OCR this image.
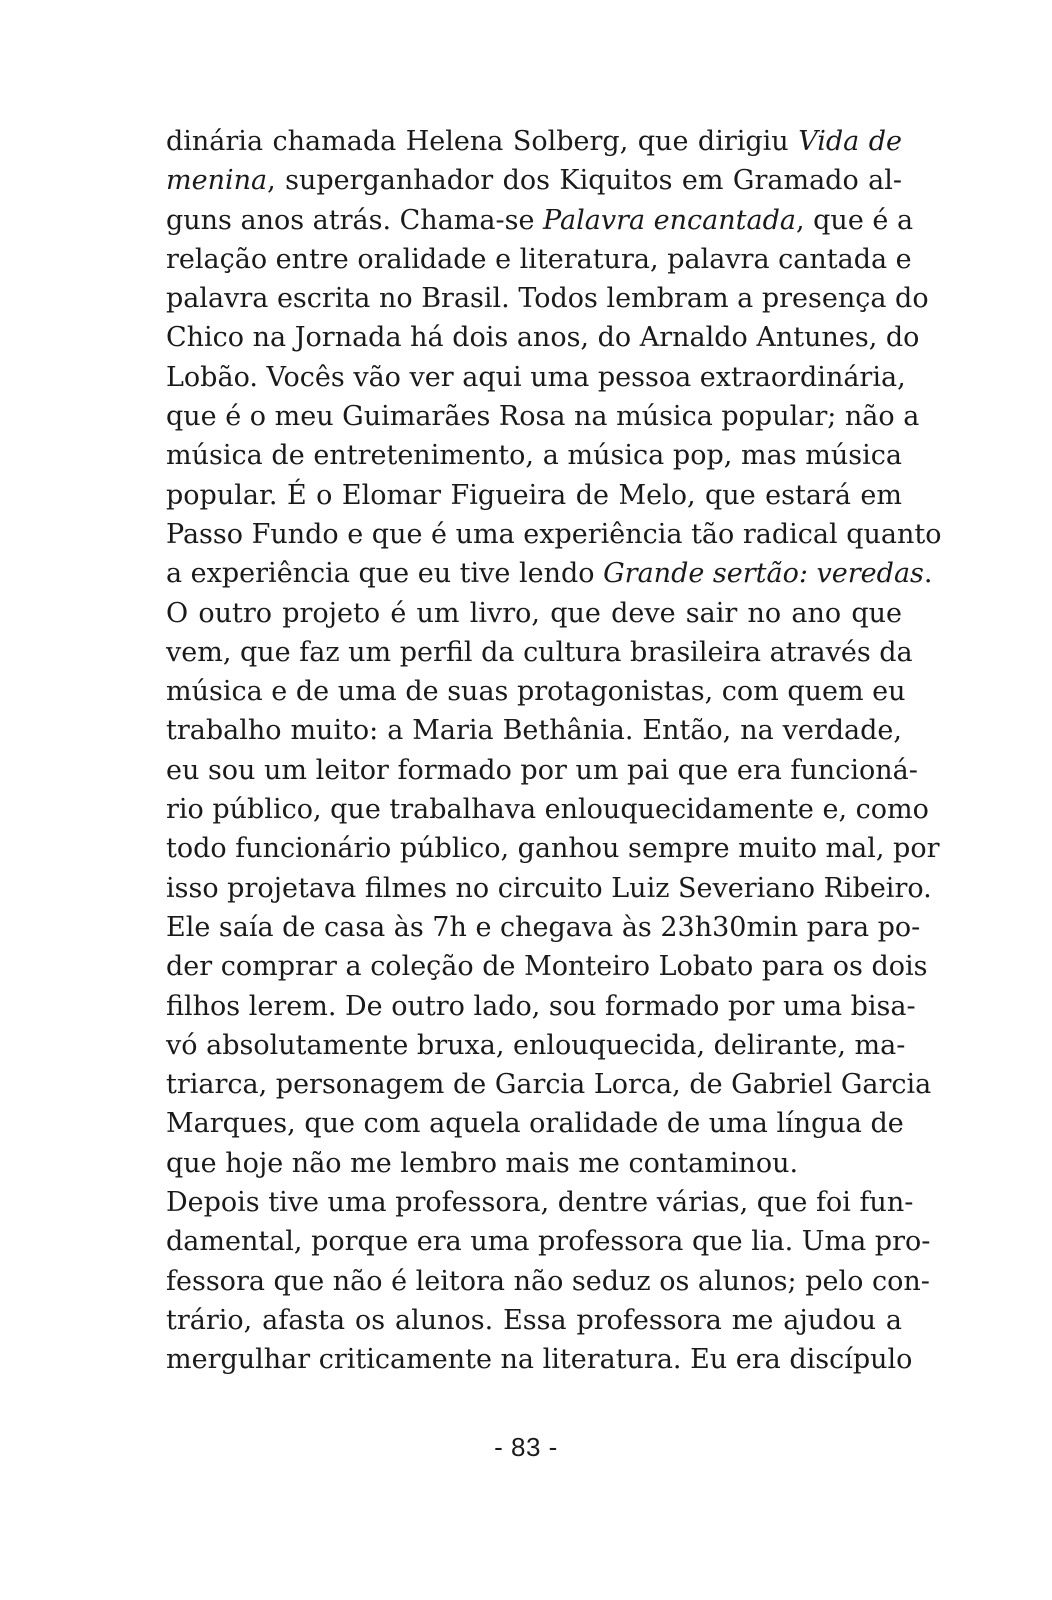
dinária chamada Helena Solberg, que dirigiu Vida de
menina, superganhador dos Kiquitos em Gramado al-
guns anos atrás. Chama-se Palavra encantada, que é a
relação entre oralidade e literatura, palavra cantada e
palavra escrita no Brasil. Todos lembram a presença do
Chico na Jornada há dois anos, do Arnaldo Antunes, do
Lobão. Vocês vão ver aqui uma pessoa extraordinária,
que é o meu Guimarães Rosa na música popular; não a
música de entretenimento, a música pop, mas música
popular. É o Elomar Figueira de Melo, que estará em
Passo Fundo e que é uma experiência tão radical quanto
a experiência que eu tive lendo Grande sertão: veredas.
O outro projeto é um livro, que deve sair no ano que
vem, que faz um perfil da cultura brasileira através da
música e de uma de suas protagonistas, com quem eu
trabalho muito: a Maria Bethânia. Então, na verdade,
eu sou um leitor formado por um pai que era funcioná-
rio público, que trabalhava enlouquecidamente e, como
todo funcionário público, ganhou sempre muito mal, por
isso projetava filmes no circuito Luiz Severiano Ribeiro.
Ele saía de casa às 7h e chegava às 23h30min para po-
der comprar a coleção de Monteiro Lobato para os dois
filhos lerem. De outro lado, sou formado por uma bisa-
vó absolutamente bruxa, enlouquecida, delirante, ma-
triarca, personagem de Garcia Lorca, de Gabriel Garcia
Marques, que com aquela oralidade de uma língua de
que hoje não me lembro mais me contaminou.
Depois tive uma professora, dentre várias, que foi fun-
damental, porque era uma professora que lia. Uma pro-
fessora que não é leitora não seduz os alunos; pelo con-
trário, afasta os alunos. Essa professora me ajudou a
mergulhar criticamente na literatura. Eu era discípulo
- 83 -
